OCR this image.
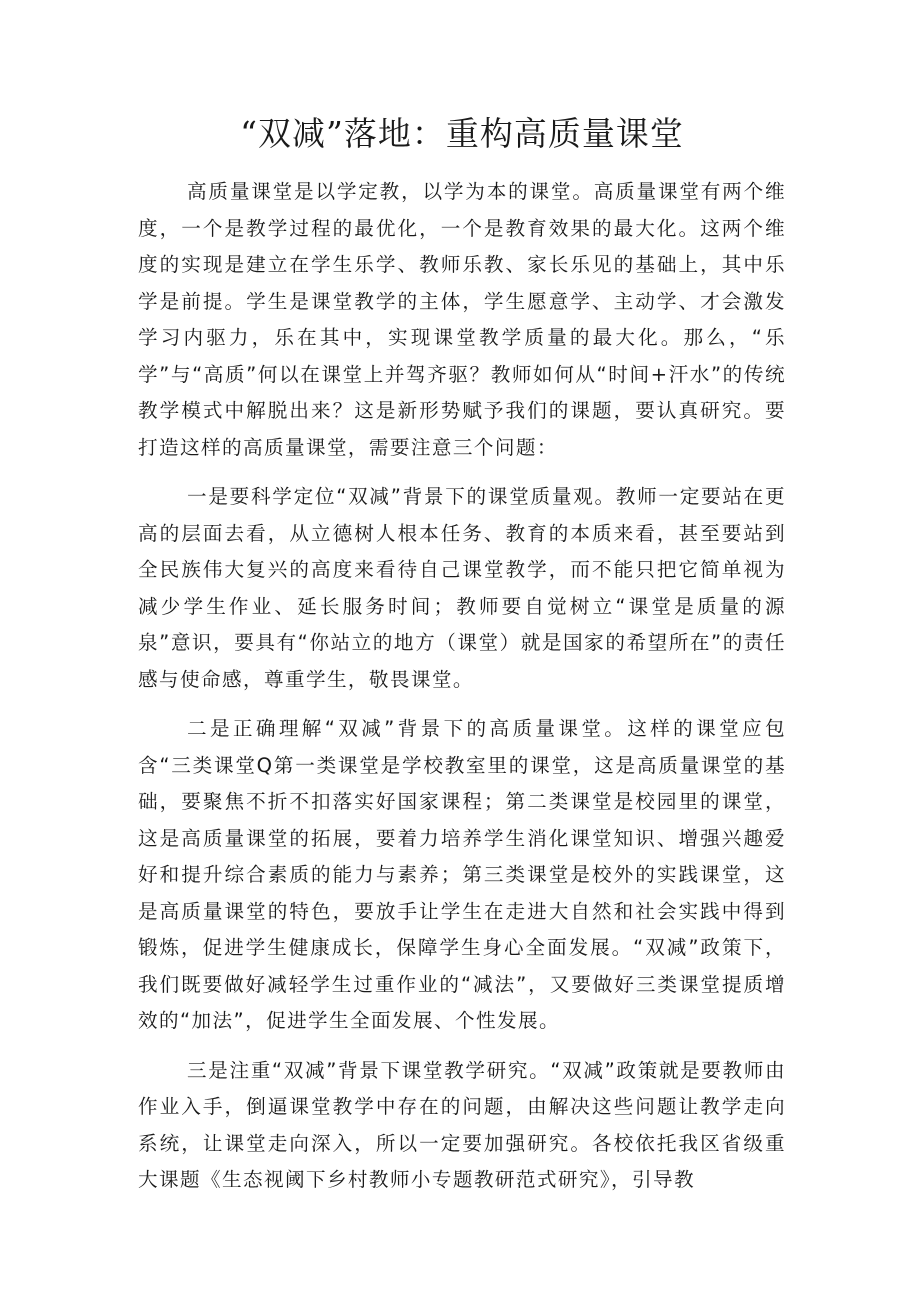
“双减”落地：重构高质量课堂

高质量课堂是以学定教，以学为本的课堂。高质量课堂有两个维度，一个是教学过程的最优化，一个是教育效果的最大化。这两个维度的实现是建立在学生乐学、教师乐教、家长乐见的基础上，其中乐学是前提。学生是课堂教学的主体，学生愿意学、主动学、才会激发学习内驱力，乐在其中，实现课堂教学质量的最大化。那么，“乐学”与“高质”何以在课堂上并驾齐驱？教师如何从“时间+汗水”的传统教学模式中解脱出来？这是新形势赋予我们的课题，要认真研究。要打造这样的高质量课堂，需要注意三个问题：

一是要科学定位“双减”背景下的课堂质量观。教师一定要站在更高的层面去看，从立德树人根本任务、教育的本质来看，甚至要站到全民族伟大复兴的高度来看待自己课堂教学，而不能只把它简单视为减少学生作业、延长服务时间；教师要自觉树立“课堂是质量的源泉”意识，要具有“你站立的地方（课堂）就是国家的希望所在”的责任感与使命感，尊重学生，敬畏课堂。

二是正确理解“双减”背景下的高质量课堂。这样的课堂应包含“三类课堂Q第一类课堂是学校教室里的课堂，这是高质量课堂的基础，要聚焦不折不扣落实好国家课程；第二类课堂是校园里的课堂，这是高质量课堂的拓展，要着力培养学生消化课堂知识、增强兴趣爱好和提升综合素质的能力与素养；第三类课堂是校外的实践课堂，这是高质量课堂的特色，要放手让学生在走进大自然和社会实践中得到锻炼，促进学生健康成长，保障学生身心全面发展。“双减”政策下，我们既要做好减轻学生过重作业的“减法”，又要做好三类课堂提质增效的“加法”，促进学生全面发展、个性发展。

三是注重“双减”背景下课堂教学研究。“双减”政策就是要教师由作业入手，倒逼课堂教学中存在的问题，由解决这些问题让教学走向系统，让课堂走向深入，所以一定要加强研究。各校依托我区省级重大课题《生态视阈下乡村教师小专题教研范式研究》，引导教
